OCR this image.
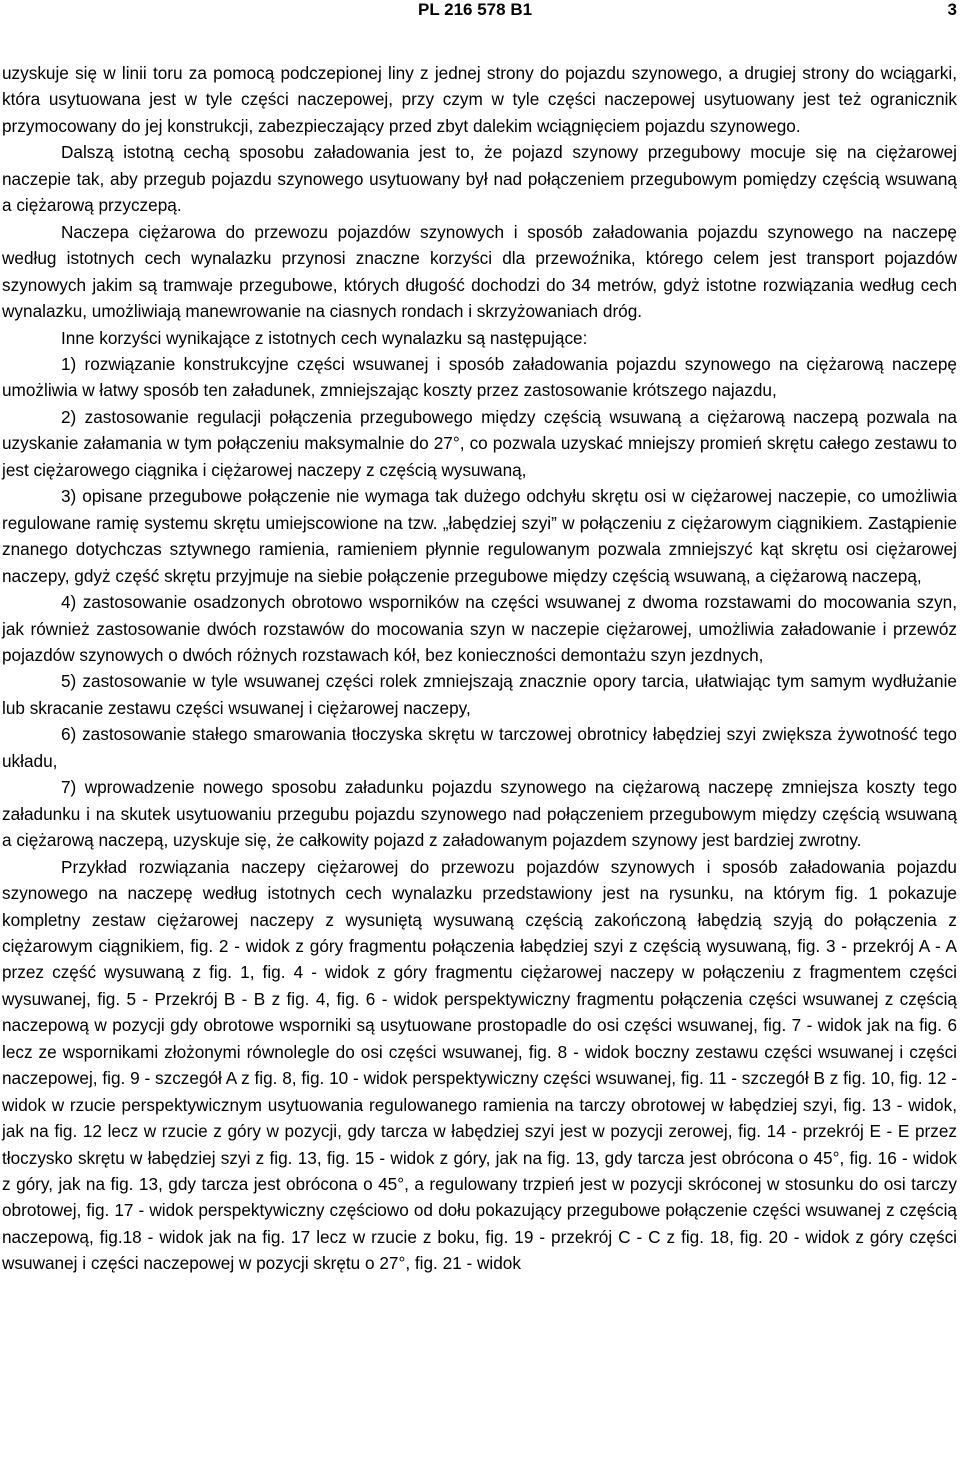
PL 216 578 B1	3

uzyskuje się w linii toru za pomocą podczepionej liny z jednej strony do pojazdu szynowego, a drugiej strony do wciągarki, która usytuowana jest w tyle części naczepowej, przy czym w tyle części naczepowej usytuowany jest też ogranicznik przymocowany do jej konstrukcji, zabezpieczający przed zbyt dalekim wciągnięciem pojazdu szynowego.

Dalszą istotną cechą sposobu załadowania jest to, że pojazd szynowy przegubowy mocuje się na ciężarowej naczepie tak, aby przegub pojazdu szynowego usytuowany był nad połączeniem przegubowym pomiędzy częścią wsuwaną a ciężarową przyczepą.

Naczepa ciężarowa do przewozu pojazdów szynowych i sposób załadowania pojazdu szynowego na naczepę według istotnych cech wynalazku przynosi znaczne korzyści dla przewoźnika, którego celem jest transport pojazdów szynowych jakim są tramwaje przegubowe, których długość dochodzi do 34 metrów, gdyż istotne rozwiązania według cech wynalazku, umożliwiają manewrowanie na ciasnych rondach i skrzyżowaniach dróg.

Inne korzyści wynikające z istotnych cech wynalazku są następujące:

1) rozwiązanie konstrukcyjne części wsuwanej i sposób załadowania pojazdu szynowego na ciężarową naczepę umożliwia w łatwy sposób ten załadunek, zmniejszając koszty przez zastosowanie krótszego najazdu,

2) zastosowanie regulacji połączenia przegubowego między częścią wsuwaną a ciężarową naczepą pozwala na uzyskanie załamania w tym połączeniu maksymalnie do 27°, co pozwala uzyskać mniejszy promień skrętu całego zestawu to jest ciężarowego ciągnika i ciężarowej naczepy z częścią wysuwaną,

3) opisane przegubowe połączenie nie wymaga tak dużego odchyłu skrętu osi w ciężarowej naczepie, co umożliwia regulowane ramię systemu skrętu umiejscowione na tzw. „łabędziej szyi” w połączeniu z ciężarowym ciągnikiem. Zastąpienie znanego dotychczas sztywnego ramienia, ramieniem płynnie regulowanym pozwala zmniejszyć kąt skrętu osi ciężarowej naczepy, gdyż część skrętu przyjmuje na siebie połączenie przegubowe między częścią wsuwaną, a ciężarową naczepą,

4) zastosowanie osadzonych obrotowo wsporników na części wsuwanej z dwoma rozstawami do mocowania szyn, jak również zastosowanie dwóch rozstawów do mocowania szyn w naczepie ciężarowej, umożliwia załadowanie i przewóz pojazdów szynowych o dwóch różnych rozstawach kół, bez konieczności demontażu szyn jezdnych,

5) zastosowanie w tyle wsuwanej części rolek zmniejszają znacznie opory tarcia, ułatwiając tym samym wydłużanie lub skracanie zestawu części wsuwanej i ciężarowej naczepy,

6) zastosowanie stałego smarowania tłoczyska skrętu w tarczowej obrotnicy łabędziej szyi zwiększa żywotność tego układu,

7) wprowadzenie nowego sposobu załadunku pojazdu szynowego na ciężarową naczepę zmniejsza koszty tego załadunku i na skutek usytuowaniu przegubu pojazdu szynowego nad połączeniem przegubowym między częścią wsuwaną a ciężarową naczepą, uzyskuje się, że całkowity pojazd z załadowanym pojazdem szynowy jest bardziej zwrotny.

Przykład rozwiązania naczepy ciężarowej do przewozu pojazdów szynowych i sposób załadowania pojazdu szynowego na naczepę według istotnych cech wynalazku przedstawiony jest na rysunku, na którym fig. 1 pokazuje kompletny zestaw ciężarowej naczepy z wysuniętą wysuwaną częścią zakończoną łabędzią szyją do połączenia z ciężarowym ciągnikiem, fig. 2 - widok z góry fragmentu połączenia łabędziej szyi z częścią wysuwaną, fig. 3 - przekrój A - A przez część wysuwaną z fig. 1, fig. 4 - widok z góry fragmentu ciężarowej naczepy w połączeniu z fragmentem części wysuwanej, fig. 5 - Przekrój B - B z fig. 4, fig. 6 - widok perspektywiczny fragmentu połączenia części wsuwanej z częścią naczepową w pozycji gdy obrotowe wsporniki są usytuowane prostopadle do osi części wsuwanej, fig. 7 - widok jak na fig. 6 lecz ze wspornikami złożonymi równolegle do osi części wsuwanej, fig. 8 - widok boczny zestawu części wsuwanej i części naczepowej, fig. 9 - szczegół A z fig. 8, fig. 10 - widok perspektywiczny części wsuwanej, fig. 11 - szczegół B z fig. 10, fig. 12 - widok w rzucie perspektywicznym usytuowania regulowanego ramienia na tarczy obrotowej w łabędziej szyi, fig. 13 - widok, jak na fig. 12 lecz w rzucie z góry w pozycji, gdy tarcza w łabędziej szyi jest w pozycji zerowej, fig. 14 - przekrój E - E przez tłoczysko skrętu w łabędziej szyi z fig. 13, fig. 15 - widok z góry, jak na fig. 13, gdy tarcza jest obrócona o 45°, fig. 16 - widok z góry, jak na fig. 13, gdy tarcza jest obrócona o 45°, a regulowany trzpień jest w pozycji skróconej w stosunku do osi tarczy obrotowej, fig. 17 - widok perspektywiczny częściowo od dołu pokazujący przegubowe połączenie części wsuwanej z częścią naczepową, fig.18 - widok jak na fig. 17 lecz w rzucie z boku, fig. 19 - przekrój C - C z fig. 18, fig. 20 - widok z góry części wsuwanej i części naczepowej w pozycji skrętu o 27°, fig. 21 - widok
